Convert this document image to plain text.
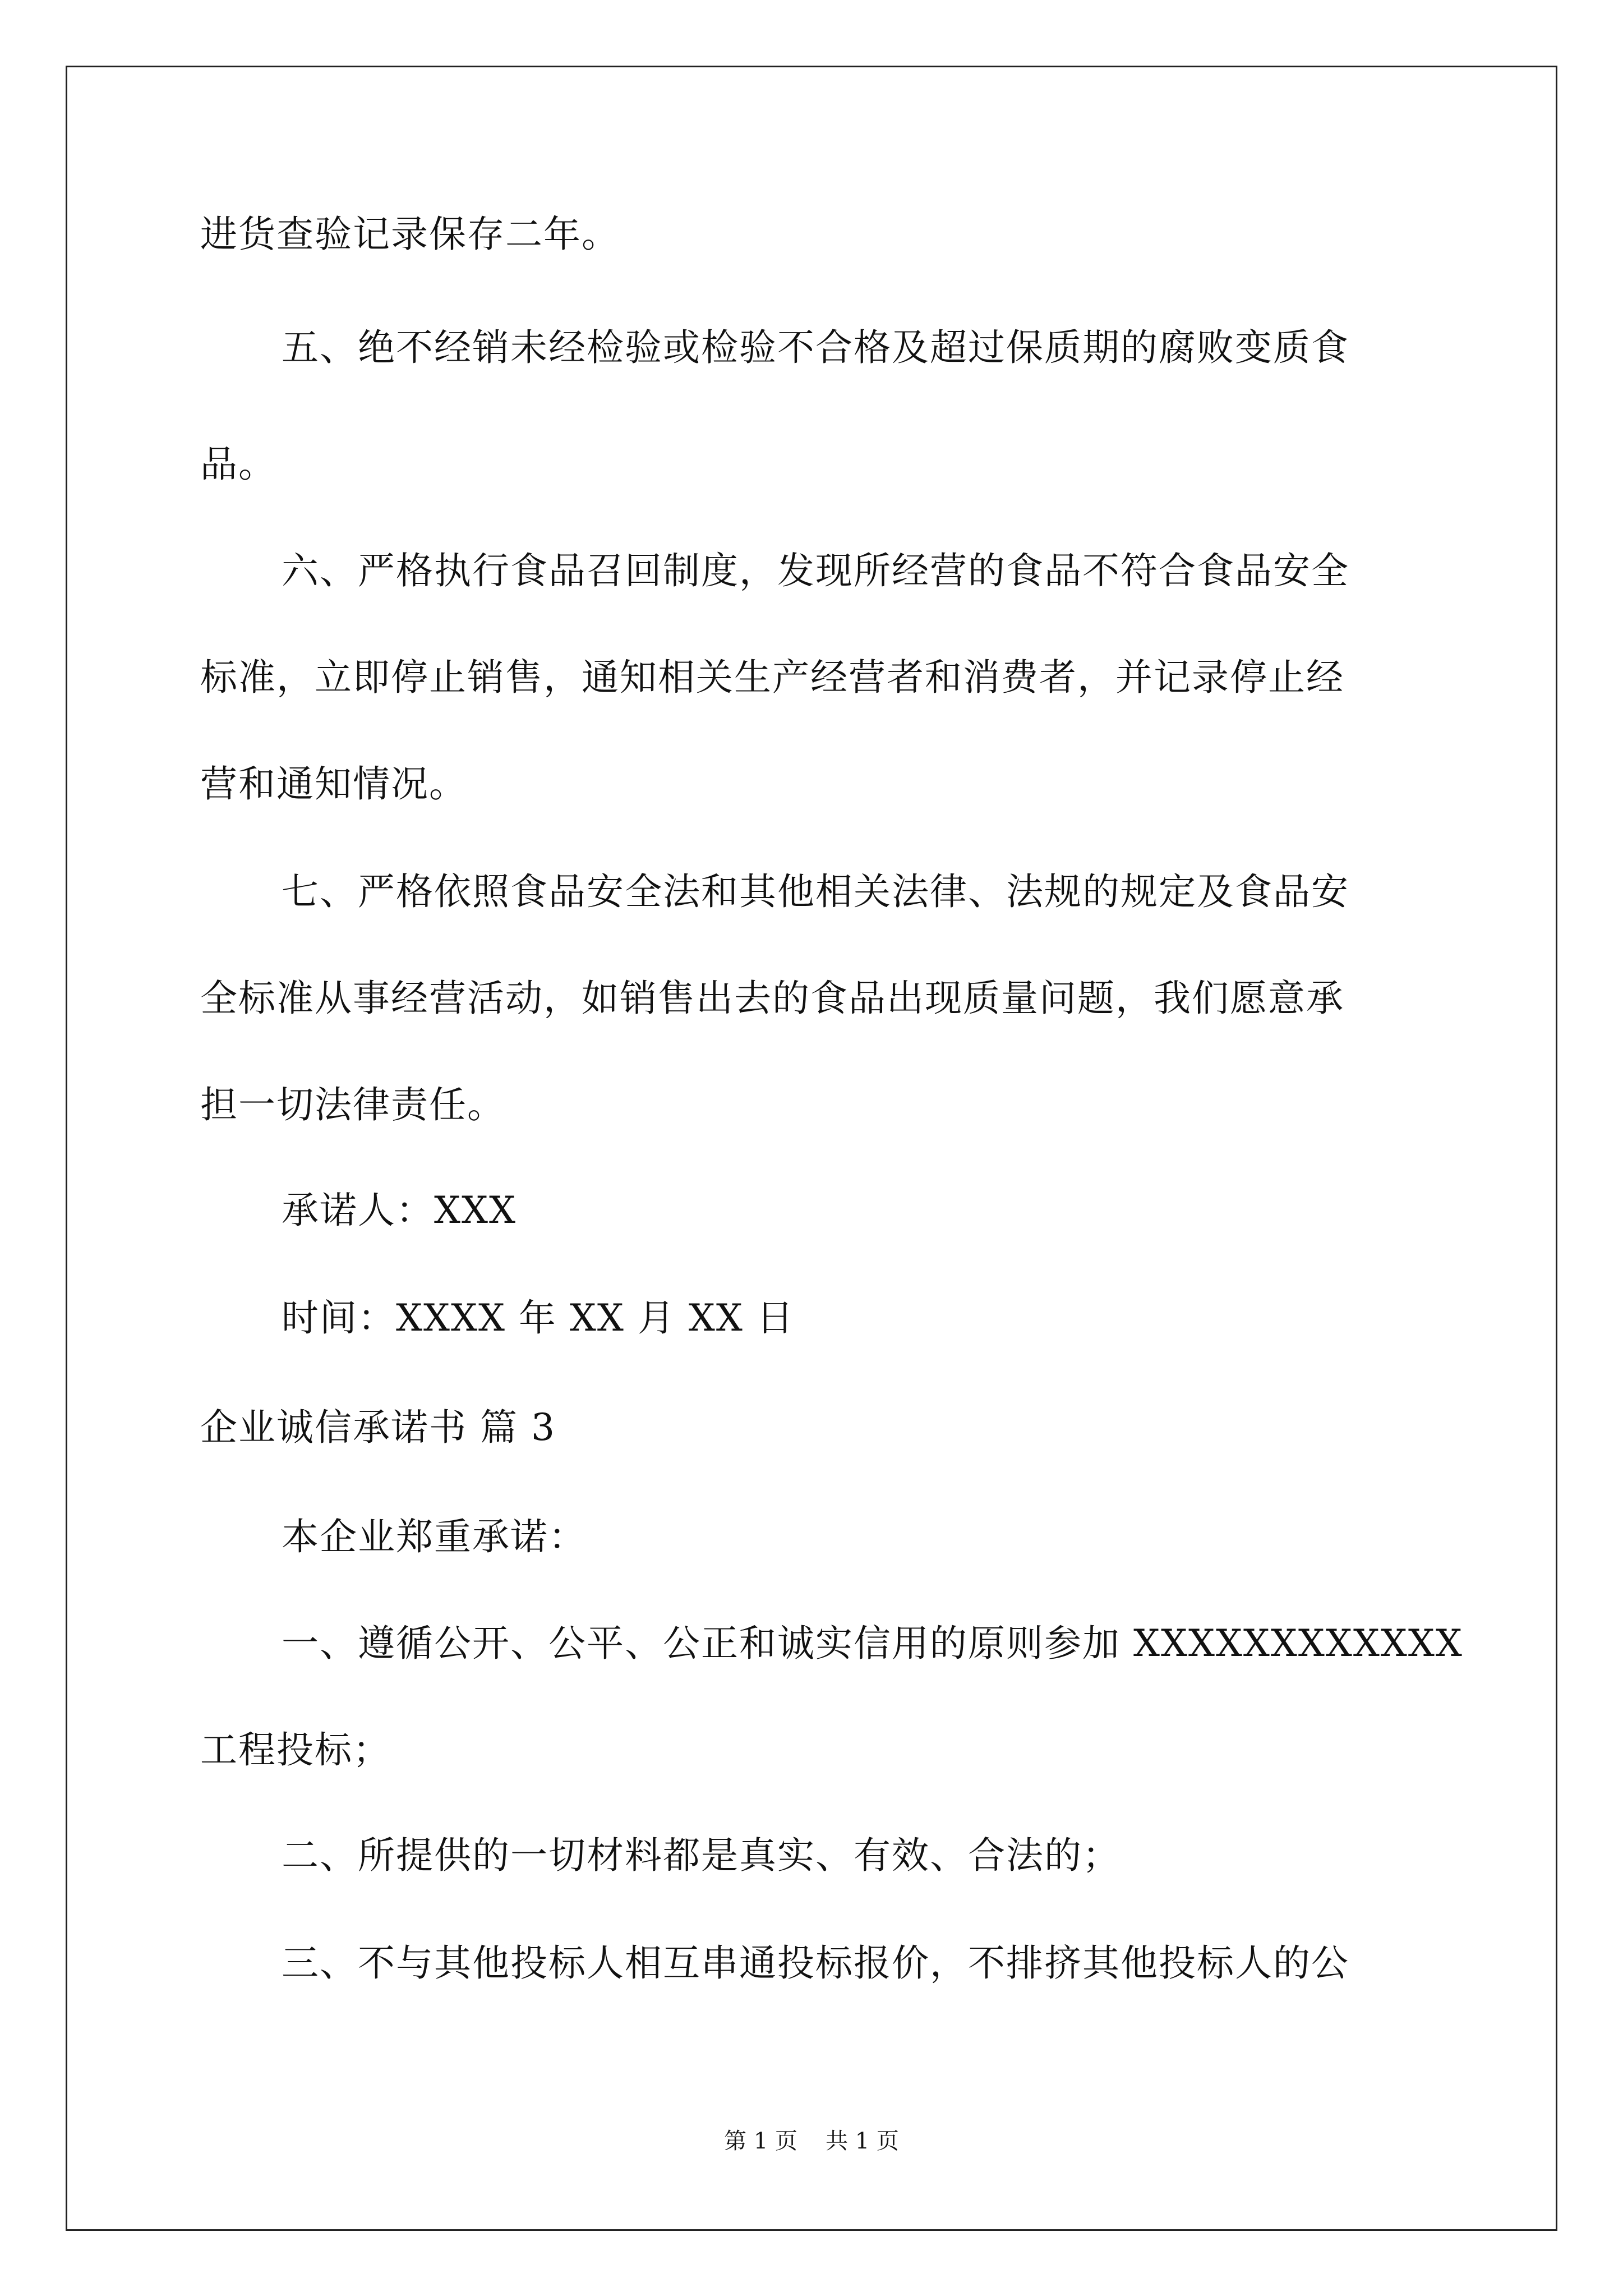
进货查验记录保存二年。
五、绝不经销未经检验或检验不合格及超过保质期的腐败变质食
品。
六、严格执行食品召回制度，发现所经营的食品不符合食品安全
标准，立即停止销售，通知相关生产经营者和消费者，并记录停止经
营和通知情况。
七、严格依照食品安全法和其他相关法律、法规的规定及食品安
全标准从事经营活动，如销售出去的食品出现质量问题，我们愿意承
担一切法律责任。
承诺人：XXX
时间：XXXX 年 XX 月 XX 日
企业诚信承诺书 篇 3
本企业郑重承诺：
一、遵循公开、公平、公正和诚实信用的原则参加 XXXXXXXXXXXX
工程投标；
二、所提供的一切材料都是真实、有效、合法的；
三、不与其他投标人相互串通投标报价，不排挤其他投标人的公
第 1 页 共 1 页
